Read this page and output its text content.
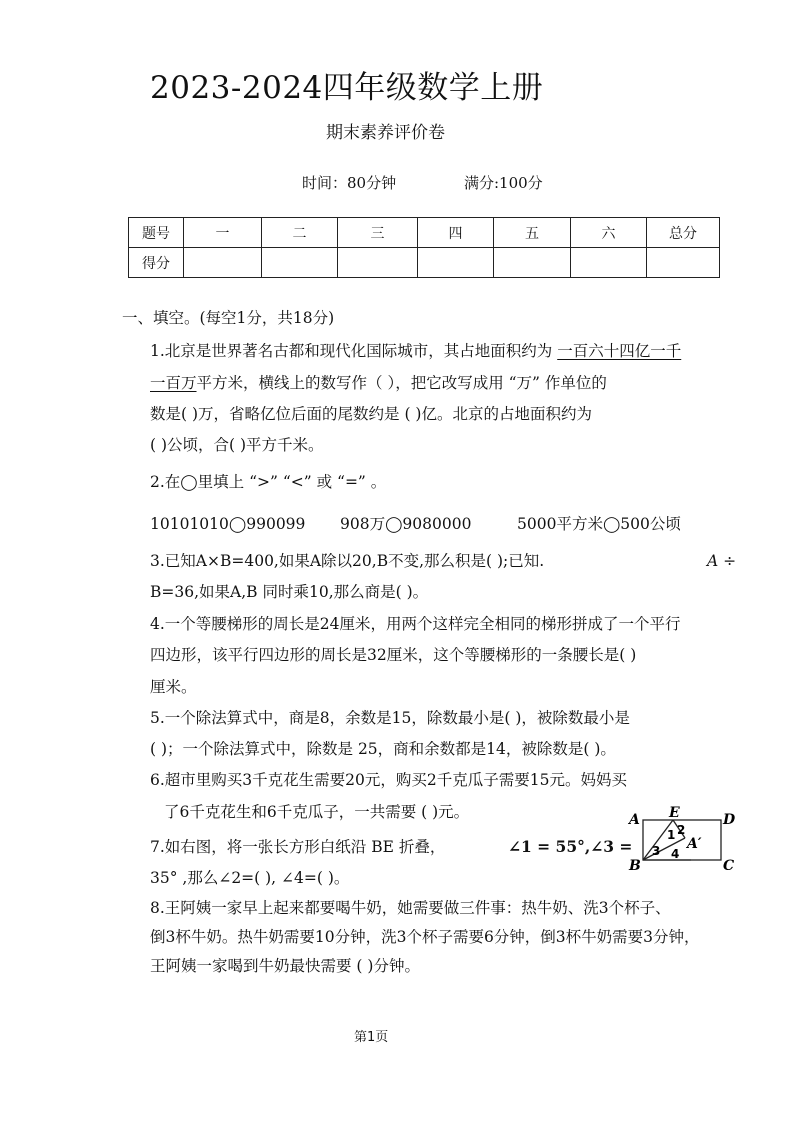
2023-2024四年级数学上册
期末素养评价卷
时间：80分钟	满分:100分
题号	一	二	三	四	五	六	总分
得分							
一、填空。(每空1分，共18分)
1.北京是世界著名古都和现代化国际城市，其占地面积约为 一百六十四亿一千
一百万平方米，横线上的数写作（ ），把它改写成用 “万” 作单位的
数是( )万，省略亿位后面的尾数约是 ( )亿。北京的占地面积约为
( )公顷，合( )平方千米。
2.在◯里填上 “>” “<” 或 “=” 。
10101010◯990099 908万◯9080000	5000平方米◯500公顷
3.已知A×B=400,如果A除以20,B不变,那么积是( );已知.	A ÷
B=36,如果A,B 同时乘10,那么商是( )。
4.一个等腰梯形的周长是24厘米，用两个这样完全相同的梯形拼成了一个平行
四边形，该平行四边形的周长是32厘米，这个等腰梯形的一条腰长是( )
厘米。
5.一个除法算式中，商是8，余数是15，除数最小是( )，被除数最小是
( )；一个除法算式中，除数是 25，商和余数都是14，被除数是( )。
6.超市里购买3千克花生需要20元，购买2千克瓜子需要15元。妈妈买
了6千克花生和6千克瓜子，一共需要 ( )元。
7.如右图，将一张长方形白纸沿 BE 折叠，	∠1 = 55°,∠3 =
35° ,那么∠2=( ), ∠4=( )。
A E	D
B	C
A′
1 2
3 4
8.王阿姨一家早上起来都要喝牛奶，她需要做三件事：热牛奶、洗3个杯子、
倒3杯牛奶。热牛奶需要10分钟，洗3个杯子需要6分钟，倒3杯牛奶需要3分钟，
王阿姨一家喝到牛奶最快需要 ( )分钟。
第1页
